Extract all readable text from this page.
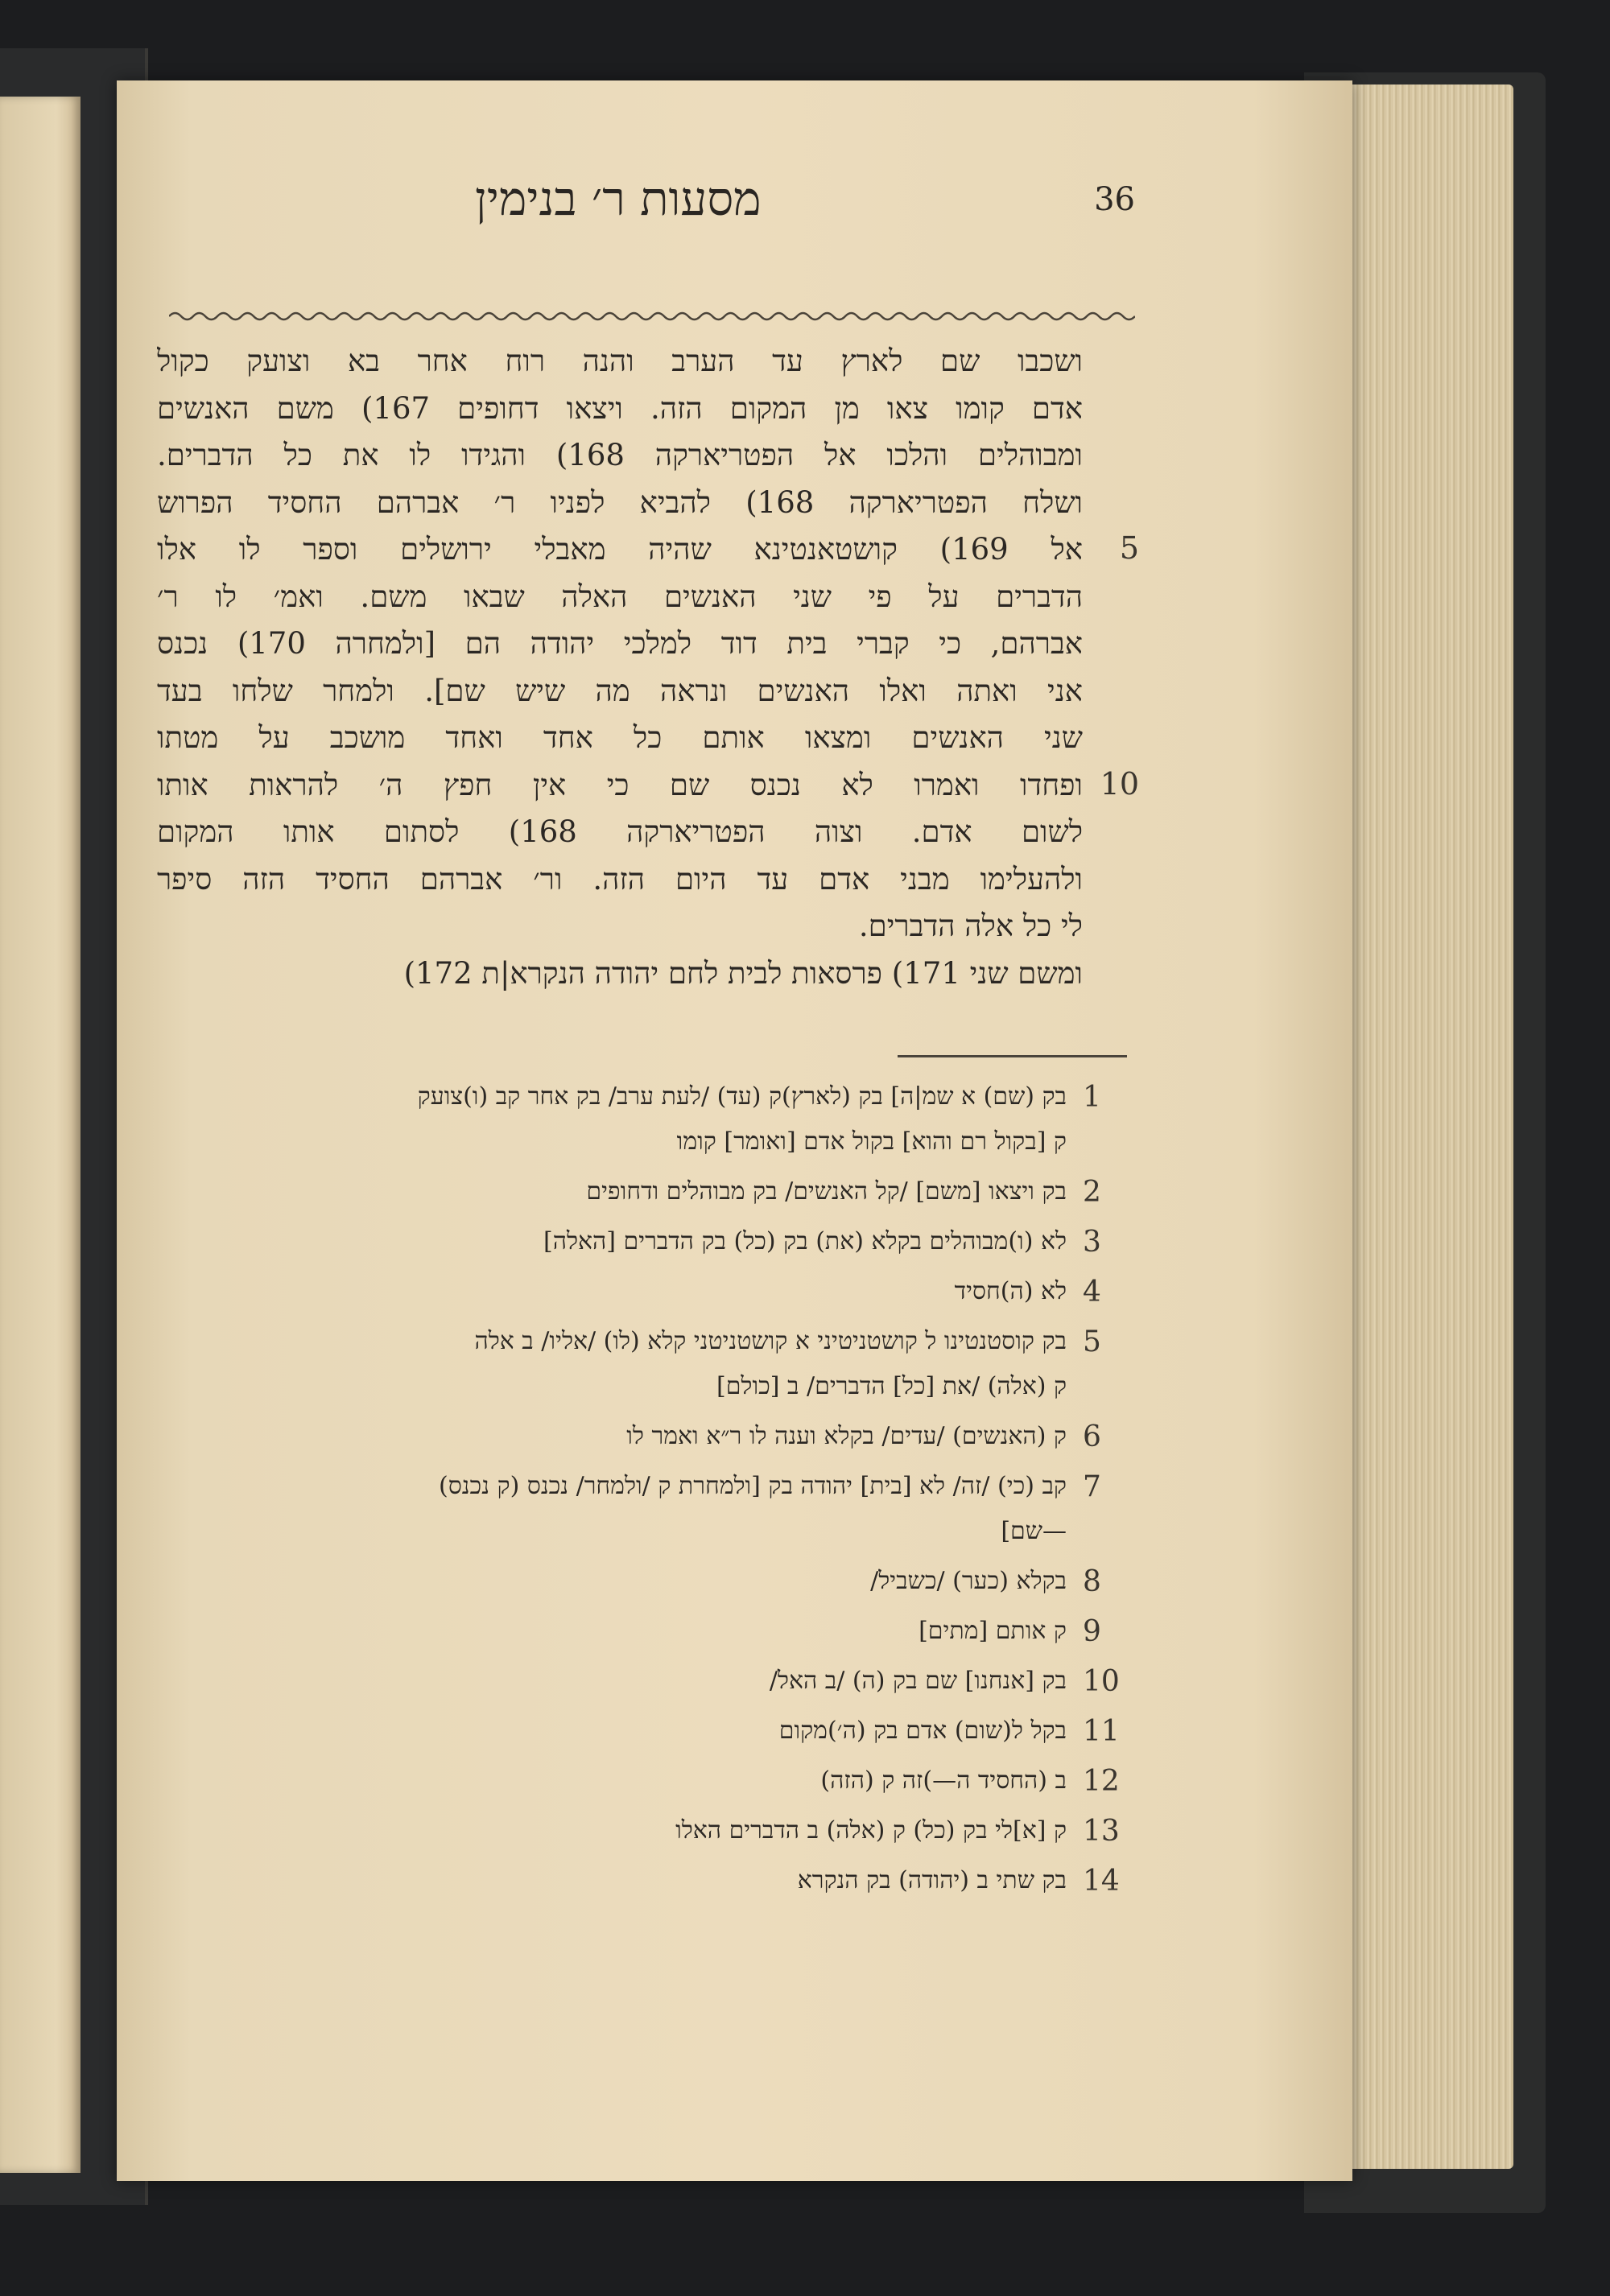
מסעות ר׳ בנימין	36
ושכבו שם לארץ עד הערב והנה רוח אחר בא וצועק כקול
אדם קומו צאו מן המקום הזה. ויצאו דחופים 167) משם האנשים
ומבוהלים והלכו אל הפטריארקה 168) והגידו לו את כל הדברים.
ושלח הפטריארקה 168) להביא לפניו ר׳ אברהם החסיד הפרוש
אל 169) קושטאנטינא שהיה מאבלי ירושלים וספר לו אלו
הדברים על פי שני האנשים האלה שבאו משם. ואמ׳ לו ר׳
אברהם, כי קברי בית דוד למלכי יהודה הם [ולמחרה 170) נכנס
אני ואתה ואלו האנשים ונראה מה שיש שם]. ולמחר שלחו בעד
שני האנשים ומצאו אותם כל אחד ואחד מושכב על מטתו
ופחדו ואמרו לא נכנס שם כי אין חפץ ה׳ להראות אותו
לשום אדם. וצוה הפטריארקה 168) לסתום אותו המקום
ולהעלימו מבני אדם עד היום הזה. ור׳ אברהם החסיד הזה סיפר
לי כל אלה הדברים.
ומשם שני 171) פרסאות לבית לחם יהודה הנקרא|ת 172)
5
10
1
בק (שם) א שמ|ה] בק (לארץ)ק (עד) /לעת ערב/ בק אחר קב (ו)צועק
ק [בקול רם והוא] בקול אדם [ואומר] קומו
2
בק ויצאו [משם] /קל האנשים/ בק מבוהלים ודחופים
3
לא (ו)מבוהלים בקלא (את) בק (כל) בק הדברים [האלה]
4
לא (ה)חסיד
5
בק קוסטנטינו ל קושטניטיני א קושטניטני קלא (לו) /אליו/ ב אלה
ק (אלה) /את [כל] הדברים/ ב [כולם]
6
ק (האנשים) /עדים/ בקלא וענה לו ר״א ואמר לו
7
קב (כי) /זה/ לא [בית] יהודה בק [ולמחרת ק /ולמחר/ נכנס (ק נכנס)
—שם]
8
בקלא (כער) /כשביל/
9
ק אותם [מתים]
10
בק [אנחנו] שם בק (ה) /ב האל/
11
בקל ל(שום) אדם בק (ה׳)מקום
12
ב (החסיד ה—)זה ק (הזה)
13
ק [א]לי בק (כל) ק (אלה) ב הדברים האלו
14
בק שתי ב (יהודה) בק הנקרא
